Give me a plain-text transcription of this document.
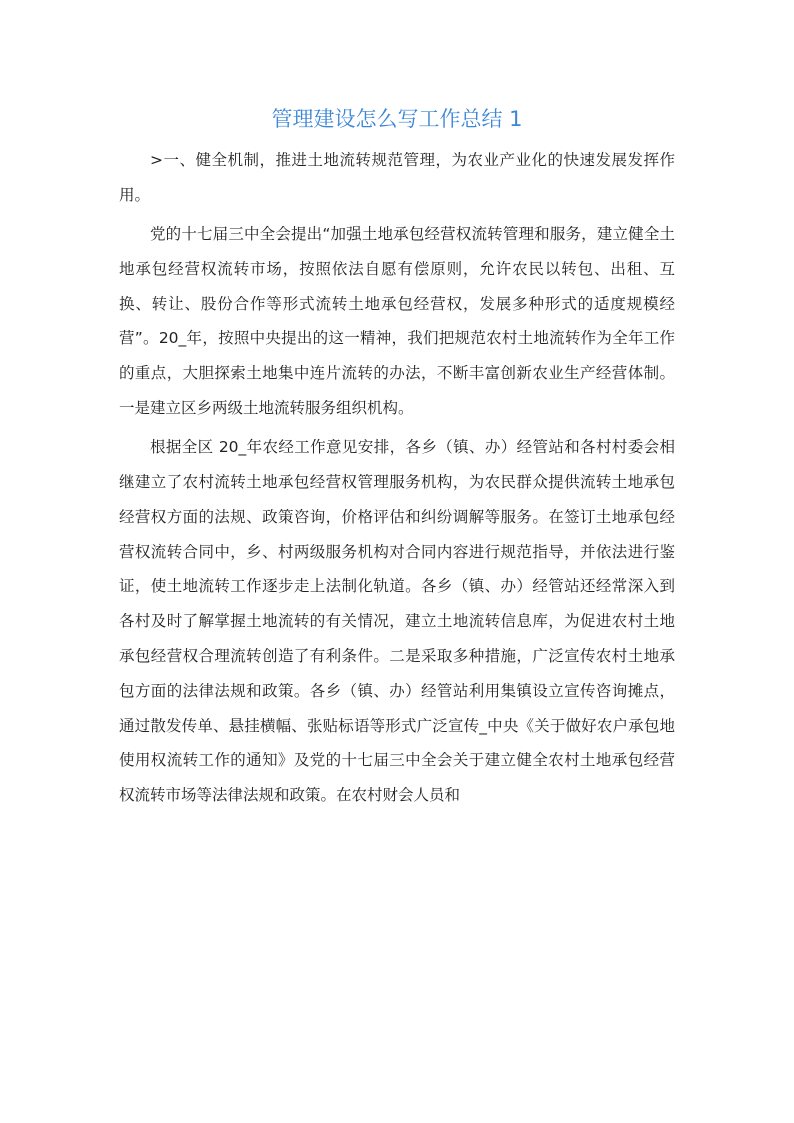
管理建设怎么写工作总结 1

>一、健全机制，推进土地流转规范管理，为农业产业化的快速发展发挥作用。

党的十七届三中全会提出“加强土地承包经营权流转管理和服务，建立健全土地承包经营权流转市场，按照依法自愿有偿原则，允许农民以转包、出租、互换、转让、股份合作等形式流转土地承包经营权，发展多种形式的适度规模经营”。20_年，按照中央提出的这一精神，我们把规范农村土地流转作为全年工作的重点，大胆探索土地集中连片流转的办法，不断丰富创新农业生产经营体制。一是建立区乡两级土地流转服务组织机构。

根据全区 20_年农经工作意见安排，各乡（镇、办）经管站和各村村委会相继建立了农村流转土地承包经营权管理服务机构，为农民群众提供流转土地承包经营权方面的法规、政策咨询，价格评估和纠纷调解等服务。在签订土地承包经营权流转合同中，乡、村两级服务机构对合同内容进行规范指导，并依法进行鉴证，使土地流转工作逐步走上法制化轨道。各乡（镇、办）经管站还经常深入到各村及时了解掌握土地流转的有关情况，建立土地流转信息库，为促进农村土地承包经营权合理流转创造了有利条件。二是采取多种措施，广泛宣传农村土地承包方面的法律法规和政策。各乡（镇、办）经管站利用集镇设立宣传咨询摊点，通过散发传单、悬挂横幅、张贴标语等形式广泛宣传_中央《关于做好农户承包地使用权流转工作的通知》及党的十七届三中全会关于建立健全农村土地承包经营权流转市场等法律法规和政策。在农村财会人员和
